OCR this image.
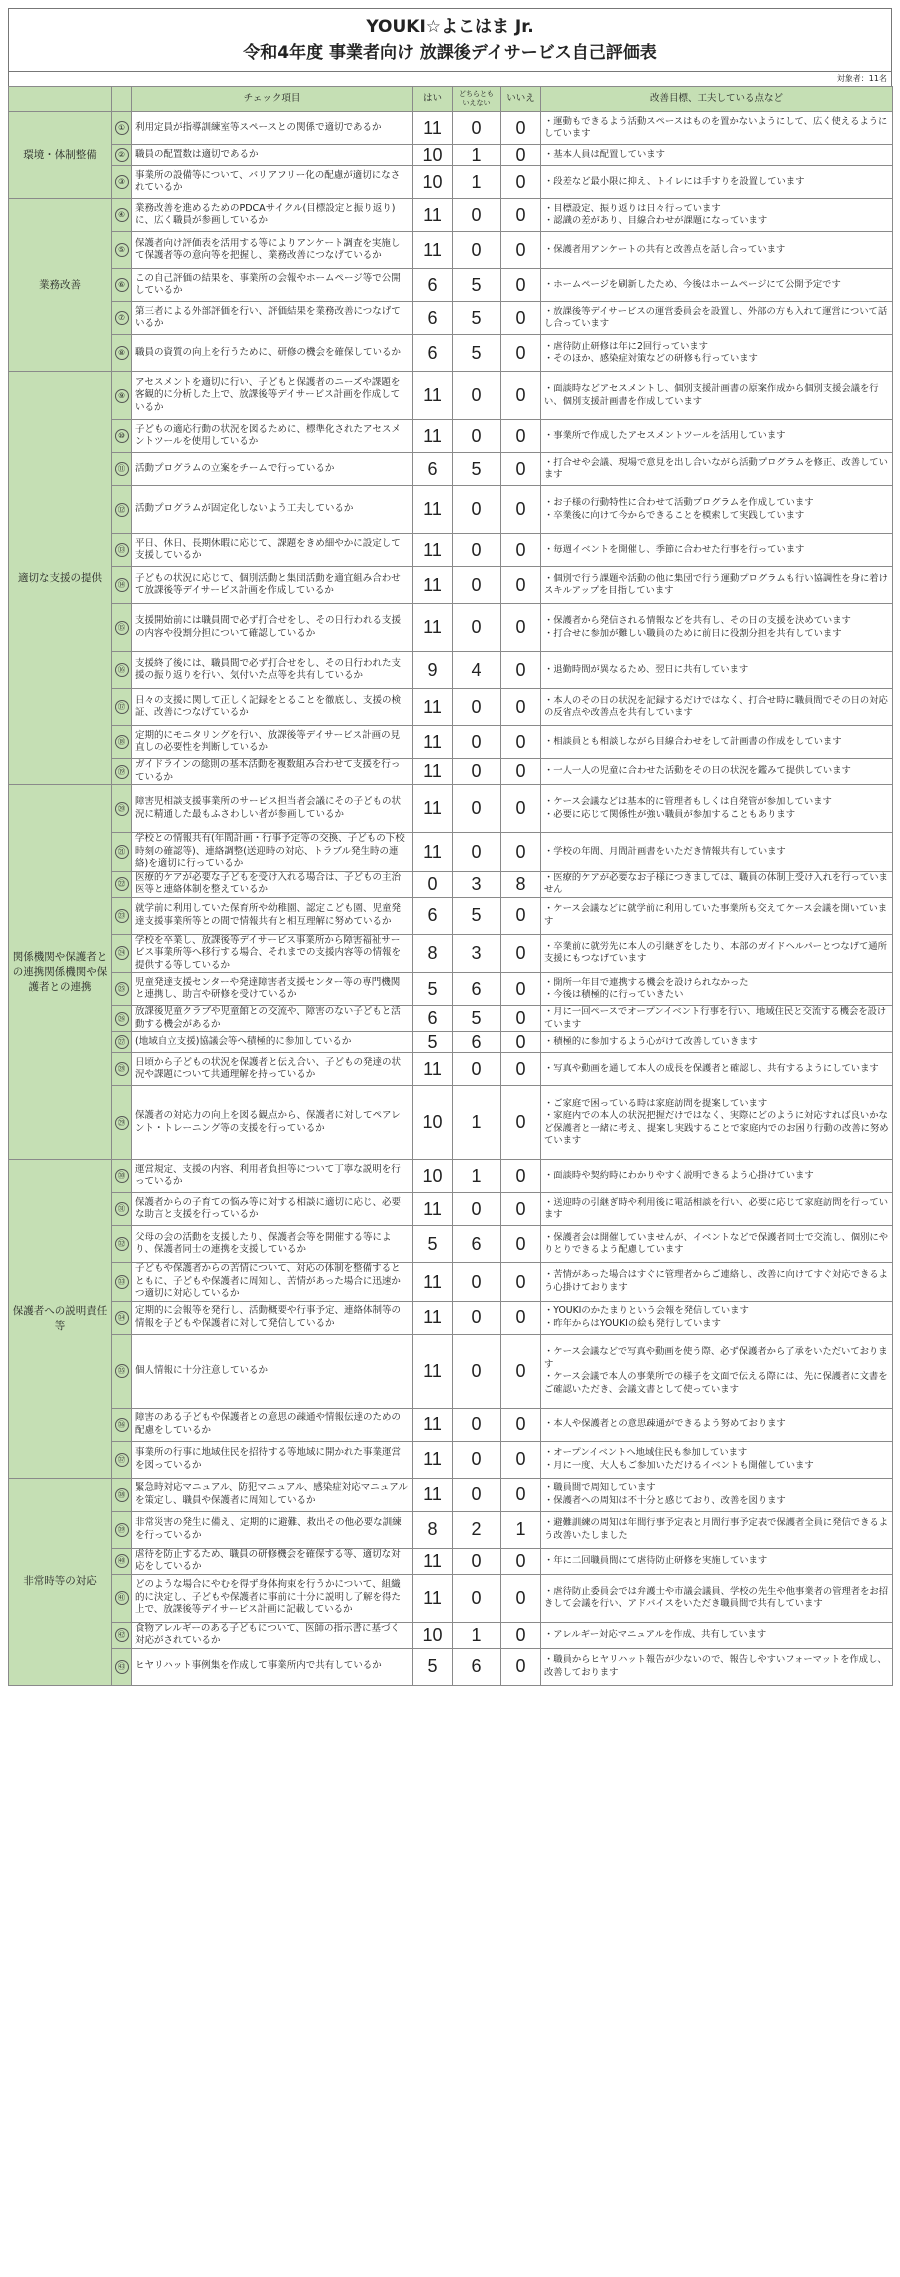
YOUKI☆よこはま Jr.
令和4年度 事業者向け 放課後デイサービス自己評価表
対象者：11名
		チェック項目	はい	どちらとも いえない	いいえ	改善目標、工夫している点など
環境・体制整備	①	利用定員が指導訓練室等スペースとの関係で適切であるか	11	0	0	・運動もできるよう活動スペースはものを置かないようにして、広く使えるようにしています

	②	職員の配置数は適切であるか	10	1	0	・基本人員は配置しています

	③	事業所の設備等について、バリアフリー化の配慮が適切になされているか	10	1	0	・段差など最小限に抑え、トイレには手すりを設置しています

業務改善	④	業務改善を進めるためのPDCAサイクル(目標設定と振り返り)に、広く職員が参画しているか	11	0	0	・目標設定、振り返りは日々行っています
・認識の差があり、目線合わせが課題になっています

	⑤	保護者向け評価表を活用する等によりアンケート調査を実施して保護者等の意向等を把握し、業務改善につなげているか	11	0	0	・保護者用アンケートの共有と改善点を話し合っています

	⑥	この自己評価の結果を、事業所の会報やホームページ等で公開しているか	6	5	0	・ホームページを刷新したため、今後はホームページにて公開予定です

	⑦	第三者による外部評価を行い、評価結果を業務改善につなげているか	6	5	0	・放課後等デイサービスの運営委員会を設置し、外部の方も入れて運営について話し合っています

	⑧	職員の資質の向上を行うために、研修の機会を確保しているか	6	5	0	・虐待防止研修は年に2回行っています
・そのほか、感染症対策などの研修も行っています

適切な支援の提供	⑨	アセスメントを適切に行い、子どもと保護者のニーズや課題を客観的に分析した上で、放課後等デイサービス計画を作成しているか	11	0	0	・面談時などアセスメントし、個別支援計画書の原案作成から個別支援会議を行い、個別支援計画書を作成しています

	⑩	子どもの適応行動の状況を図るために、標準化されたアセスメントツールを使用しているか	11	0	0	・事業所で作成したアセスメントツールを活用しています

	⑪	活動プログラムの立案をチームで行っているか	6	5	0	・打合せや会議、現場で意見を出し合いながら活動プログラムを修正、改善しています

	⑫	活動プログラムが固定化しないよう工夫しているか	11	0	0	・お子様の行動特性に合わせて活動プログラムを作成しています
・卒業後に向けて今からできることを模索して実践しています

	⑬	平日、休日、長期休暇に応じて、課題をきめ細やかに設定して支援しているか	11	0	0	・毎週イベントを開催し、季節に合わせた行事を行っています

	⑭	子どもの状況に応じて、個別活動と集団活動を適宜組み合わせて放課後等デイサービス計画を作成しているか	11	0	0	・個別で行う課題や活動の他に集団で行う運動プログラムも行い協調性を身に着けスキルアップを目指しています

	⑮	支援開始前には職員間で必ず打合せをし、その日行われる支援の内容や役割分担について確認しているか	11	0	0	・保護者から発信される情報などを共有し、その日の支援を決めています
・打合せに参加が難しい職員のために前日に役割分担を共有しています

	⑯	支援終了後には、職員間で必ず打合せをし、その日行われた支援の振り返りを行い、気付いた点等を共有しているか	9	4	0	・退勤時間が異なるため、翌日に共有しています

	⑰	日々の支援に関して正しく記録をとることを徹底し、支援の検証、改善につなげているか	11	0	0	・本人のその日の状況を記録するだけではなく、打合せ時に職員間でその日の対応の反省点や改善点を共有しています

	⑱	定期的にモニタリングを行い、放課後等デイサービス計画の見直しの必要性を判断しているか	11	0	0	・相談員とも相談しながら目線合わせをして計画書の作成をしています

	⑲	ガイドラインの総則の基本活動を複数組み合わせて支援を行っているか	11	0	0	・一人一人の児童に合わせた活動をその日の状況を鑑みて提供しています

関係機関や保護者との連携関係機関や保護者との連携	⑳	障害児相談支援事業所のサービス担当者会議にその子どもの状況に精通した最もふさわしい者が参画しているか	11	0	0	・ケース会議などは基本的に管理者もしくは自発管が参加しています
・必要に応じて関係性が強い職員が参加することもあります

	㉑	学校との情報共有(年間計画・行事予定等の交換、子どもの下校時刻の確認等)、連絡調整(送迎時の対応、トラブル発生時の連絡)を適切に行っているか	11	0	0	・学校の年間、月間計画書をいただき情報共有しています

	㉒	医療的ケアが必要な子どもを受け入れる場合は、子どもの主治医等と連絡体制を整えているか	0	3	8	・医療的ケアが必要なお子様につきましては、職員の体制上受け入れを行っていません

	㉓	就学前に利用していた保育所や幼稚園、認定こども園、児童発達支援事業所等との間で情報共有と相互理解に努めているか	6	5	0	・ケース会議などに就学前に利用していた事業所も交えてケース会議を開いています

	㉔	学校を卒業し、放課後等デイサービス事業所から障害福祉サービス事業所等へ移行する場合、それまでの支援内容等の情報を提供する等しているか	8	3	0	・卒業前に就労先に本人の引継ぎをしたり、本部のガイドヘルパーとつなげて通所支援にもつなげています

	㉕	児童発達支援センターや発達障害者支援センター等の専門機関と連携し、助言や研修を受けているか	5	6	0	・開所一年目で連携する機会を設けられなかった
・今後は積極的に行っていきたい

	㉖	放課後児童クラブや児童館との交流や、障害のない子どもと活動する機会があるか	6	5	0	・月に一回ペースでオープンイベント行事を行い、地域住民と交流する機会を設けています

	㉗	(地域自立支援)協議会等へ積極的に参加しているか	5	6	0	・積極的に参加するよう心がけて改善していきます

	㉘	日頃から子どもの状況を保護者と伝え合い、子どもの発達の状況や課題について共通理解を持っているか	11	0	0	・写真や動画を通して本人の成長を保護者と確認し、共有するようにしています

	㉙	保護者の対応力の向上を図る観点から、保護者に対してペアレント・トレーニング等の支援を行っているか	10	1	0	・ご家庭で困っている時は家庭訪問を提案しています
・家庭内での本人の状況把握だけではなく、実際にどのように対応すれば良いかなど保護者と一緒に考え、提案し実践することで家庭内でのお困り行動の改善に努めています

保護者への説明責任等	㉚	運営規定、支援の内容、利用者負担等について丁寧な説明を行っているか	10	1	0	・面談時や契約時にわかりやすく説明できるよう心掛けています

	㉛	保護者からの子育ての悩み等に対する相談に適切に応じ、必要な助言と支援を行っているか	11	0	0	・送迎時の引継ぎ時や利用後に電話相談を行い、必要に応じて家庭訪問を行っています

	㉜	父母の会の活動を支援したり、保護者会等を開催する等により、保護者同士の連携を支援しているか	5	6	0	・保護者会は開催していませんが、イベントなどで保護者同士で交流し、個別にやりとりできるよう配慮しています

	㉝	子どもや保護者からの苦情について、対応の体制を整備するとともに、子どもや保護者に周知し、苦情があった場合に迅速かつ適切に対応しているか	11	0	0	・苦情があった場合はすぐに管理者からご連絡し、改善に向けてすぐ対応できるよう心掛けております

	㉞	定期的に会報等を発行し、活動概要や行事予定、連絡体制等の情報を子どもや保護者に対して発信しているか	11	0	0	・YOUKIのかたまりという会報を発信しています
・昨年からはYOUKIの絵も発行しています

	㉟	個人情報に十分注意しているか	11	0	0	・ケース会議などで写真や動画を使う際、必ず保護者から了承をいただいております
・ケース会議で本人の事業所での様子を文面で伝える際には、先に保護者に文書をご確認いただき、会議文書として使っています

	㊱	障害のある子どもや保護者との意思の疎通や情報伝達のための配慮をしているか	11	0	0	・本人や保護者との意思疎通ができるよう努めております

	㊲	事業所の行事に地域住民を招待する等地域に開かれた事業運営を図っているか	11	0	0	・オープンイベントへ地域住民も参加しています
・月に一度、大人もご参加いただけるイベントも開催しています

非常時等の対応	㊳	緊急時対応マニュアル、防犯マニュアル、感染症対応マニュアルを策定し、職員や保護者に周知しているか	11	0	0	・職員間で周知しています
・保護者への周知は不十分と感じており、改善を図ります

	㊴	非常災害の発生に備え、定期的に避難、救出その他必要な訓練を行っているか	8	2	1	・避難訓練の周知は年間行事予定表と月間行事予定表で保護者全員に発信できるよう改善いたしました

	㊵	虐待を防止するため、職員の研修機会を確保する等、適切な対応をしているか	11	0	0	・年に二回職員間にて虐待防止研修を実施しています

	㊶	どのような場合にやむを得ず身体拘束を行うかについて、組織的に決定し、子どもや保護者に事前に十分に説明し了解を得た上で、放課後等デイサービス計画に記載しているか	11	0	0	・虐待防止委員会では弁護士や市議会議員、学校の先生や他事業者の管理者をお招きして会議を行い、アドバイスをいただき職員間で共有しています

	㊷	食物アレルギーのある子どもについて、医師の指示書に基づく対応がされているか	10	1	0	・アレルギー対応マニュアルを作成、共有しています

	㊸	ヒヤリハット事例集を作成して事業所内で共有しているか	5	6	0	・職員からヒヤリハット報告が少ないので、報告しやすいフォーマットを作成し、改善しております
